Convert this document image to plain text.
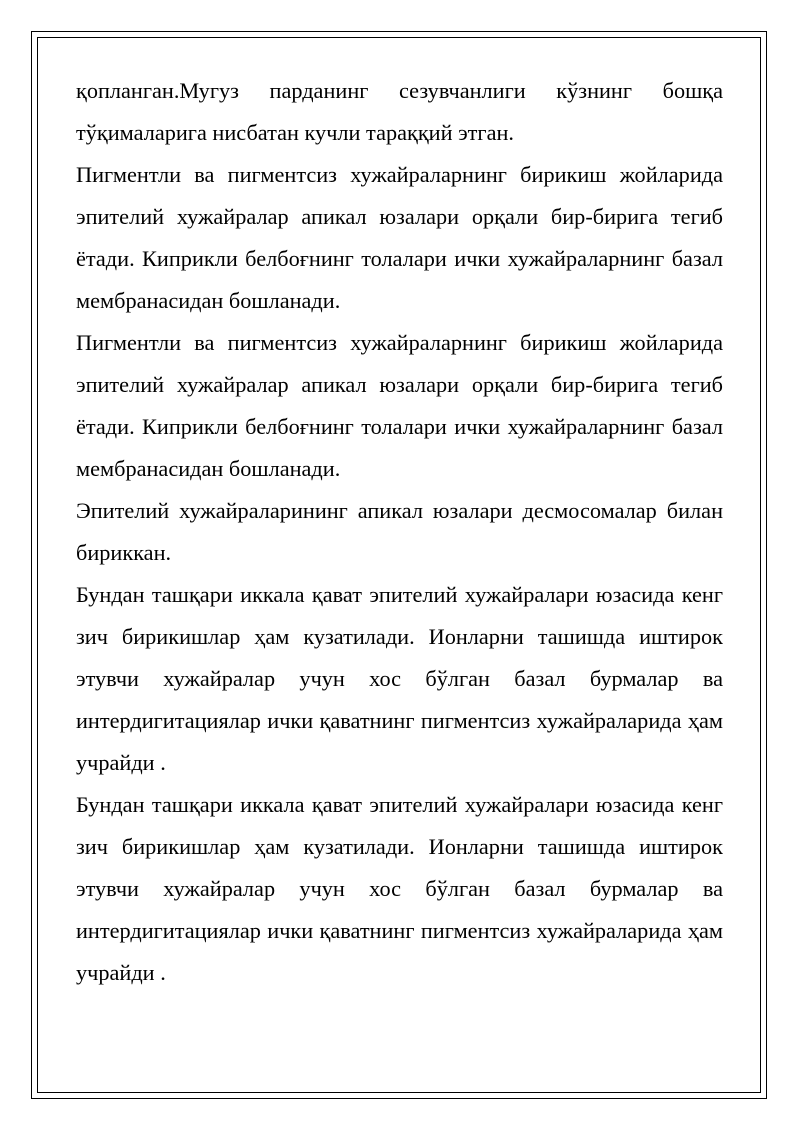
қопланган.Мугуз парданинг сезувчанлиги кўзнинг бошқа тўқималарига нисбатан кучли тараққий этган.

Пигментли ва пигментсиз хужайраларнинг бирикиш жойларида эпителий хужайралар апикал юзалари орқали бир-бирига тегиб ётади. Киприкли белбоғнинг толалари ички хужайраларнинг базал мембранасидан бошланади.

Пигментли ва пигментсиз хужайраларнинг бирикиш жойларида эпителий хужайралар апикал юзалари орқали бир-бирига тегиб ётади. Киприкли белбоғнинг толалари ички хужайраларнинг базал мембранасидан бошланади.

Эпителий хужайраларининг апикал юзалари десмосомалар билан бириккан.

Бундан ташқари иккала қават эпителий хужайралари юзасида кенг зич бирикишлар ҳам кузатилади. Ионларни ташишда иштирок этувчи хужайралар учун хос бўлган базал бурмалар ва интердигитациялар ички қаватнинг пигментсиз хужайраларида ҳам учрайди .

Бундан ташқари иккала қават эпителий хужайралари юзасида кенг зич бирикишлар ҳам кузатилади. Ионларни ташишда иштирок этувчи хужайралар учун хос бўлган базал бурмалар ва интердигитациялар ички қаватнинг пигментсиз хужайраларида ҳам учрайди .
